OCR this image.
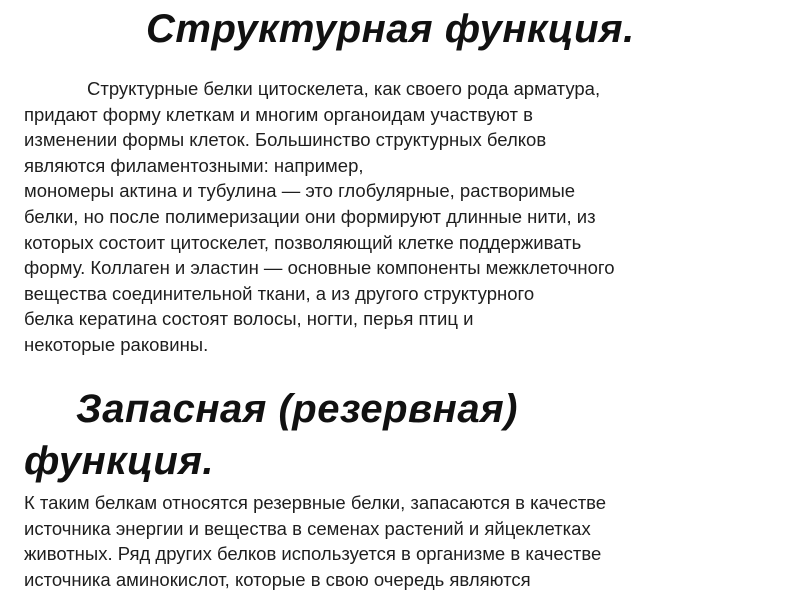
Структурная функция.
Структурные белки цитоскелета, как своего рода арматура,
придают форму клеткам и многим органоидам участвуют в
изменении формы клеток. Большинство структурных белков
являются филаментозными: например,
мономеры актина и тубулина — это глобулярные, растворимые
белки, но после полимеризации они формируют длинные нити, из
которых состоит цитоскелет, позволяющий клетке поддерживать
форму. Коллаген и эластин — основные компоненты межклеточного
вещества соединительной ткани, а из другого структурного
белка кератина состоят волосы, ногти, перья птиц и
некоторые раковины.
Запасная (резервная)
функция.
К таким белкам относятся резервные белки, запасаются в качестве
источника энергии и вещества в семенах растений и яйцеклетках
животных. Ряд других белков используется в организме в качестве
источника аминокислот, которые в свою очередь являются
